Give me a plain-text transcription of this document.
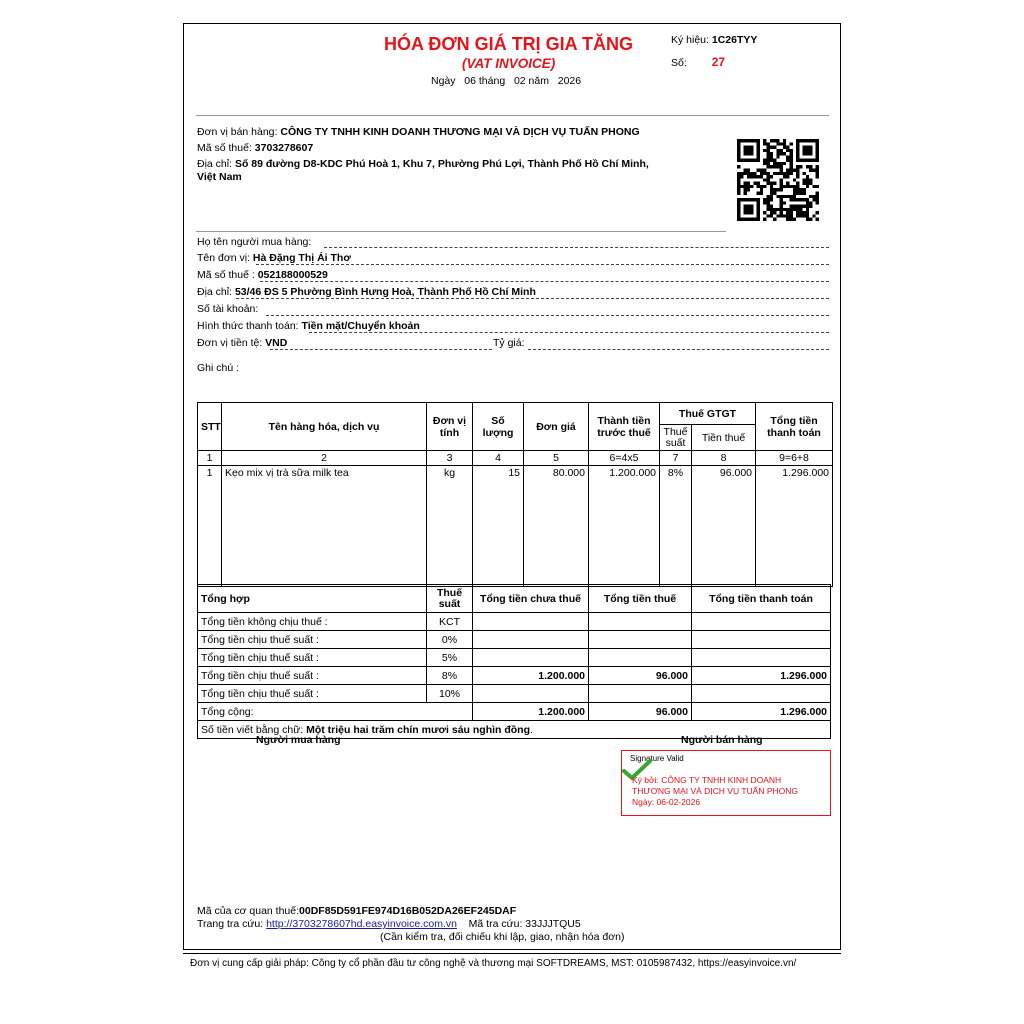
HÓA ĐƠN GIÁ TRỊ GIA TĂNG
(VAT INVOICE)
Ngày 06 tháng 02 năm 2026
Ký hiệu: 1C26TYY
Số: 27
Đơn vị bán hàng: CÔNG TY TNHH KINH DOANH THƯƠNG MẠI VÀ DỊCH VỤ TUẤN PHONG
Mã số thuế: 3703278607
Địa chỉ: Số 89 đường D8-KDC Phú Hoà 1, Khu 7, Phường Phú Lợi, Thành Phố Hồ Chí Minh,
Việt Nam
Họ tên người mua hàng:
Tên đơn vị: Hà Đặng Thị Ái Thơ
Mã số thuế : 052188000529
Địa chỉ: 53/46 ĐS 5 Phường Bình Hưng Hoà, Thành Phố Hồ Chí Minh
Số tài khoản:
Hình thức thanh toán: Tiền mặt/Chuyển khoản
Đơn vị tiền tệ: VND	Tỷ giá:
Ghi chú :
STT	Tên hàng hóa, dịch vụ	Đơn vị tính	Số lượng	Đơn giá	Thành tiền trước thuế	Thuế GTGT		Tổng tiền thanh toán
						Thuế suất	Tiền thuế	
1	2	3	4	5	6=4x5	7	8	9=6+8
1	Kẹo mix vị trà sữa milk tea	kg	15	80.000	1.200.000	8%	96.000	1.296.000
Tổng hợp	Thuế suất	Tổng tiền chưa thuế	Tổng tiền thuế	Tổng tiền thanh toán
Tổng tiền không chịu thuế :	KCT			
Tổng tiền chịu thuế suất :	0%			
Tổng tiền chịu thuế suất :	5%			
Tổng tiền chịu thuế suất :	8%	1.200.000	96.000	1.296.000
Tổng tiền chịu thuế suất :	10%			
Tổng cộng:		1.200.000	96.000	1.296.000
Số tiền viết bằng chữ: Một triệu hai trăm chín mươi sáu nghìn đồng.				
Người mua hàng	Người bán hàng
Signature Valid
Ký bởi: CÔNG TY TNHH KINH DOANH
THƯƠNG MẠI VÀ DỊCH VỤ TUẤN PHONG
Ngày: 06-02-2026
Mã của cơ quan thuế:00DF85D591FE974D16B052DA26EF245DAF
Trang tra cứu: http://3703278607hd.easyinvoice.com.vn Mã tra cứu: 33JJJTQU5
(Cần kiểm tra, đối chiếu khi lập, giao, nhận hóa đơn)
Đơn vị cung cấp giải pháp: Công ty cổ phần đầu tư công nghệ và thương mại SOFTDREAMS, MST: 0105987432, https://easyinvoice.vn/
